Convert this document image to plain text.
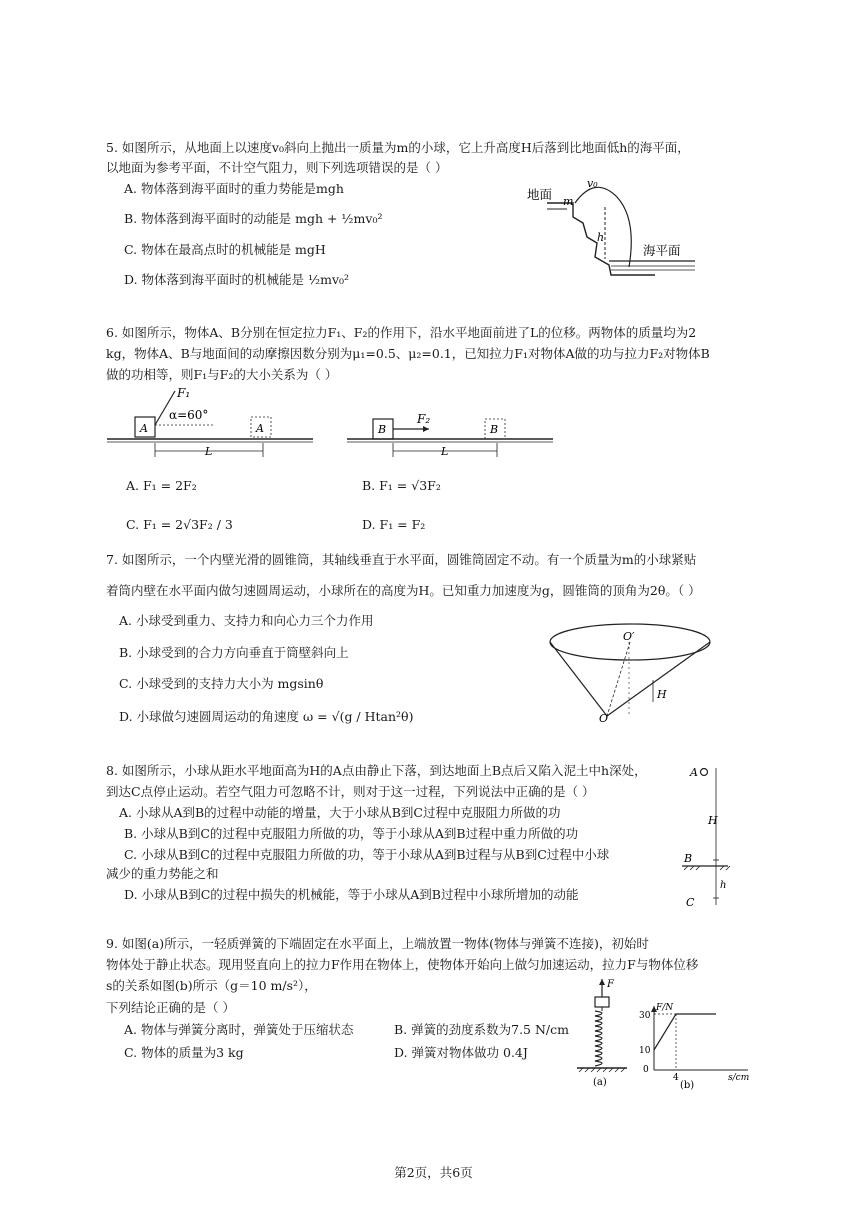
5. 如图所示，从地面上以速度v₀斜向上抛出一质量为m的小球，它上升高度H后落到比地面低h的海平面，
以地面为参考平面，不计空气阻力，则下列选项错误的是（ ）
A. 物体落到海平面时的重力势能是mgh
B. 物体落到海平面时的动能是 mgh + ½mv₀²
C. 物体在最高点时的机械能是 mgH
D. 物体落到海平面时的机械能是 ½mv₀²
地面 m
v₀
h
海平面
6. 如图所示，物体A、B分别在恒定拉力F₁、F₂的作用下，沿水平地面前进了L的位移。两物体的质量均为2
kg，物体A、B与地面间的动摩擦因数分别为μ₁=0.5、μ₂=0.1，已知拉力F₁对物体A做的功与拉力F₂对物体B
做的功相等，则F₁与F₂的大小关系为（ ）
F₁
α=60°
A	A
L
B
F₂
B
L
A. F₁ = 2F₂	B. F₁ = √3F₂
C. F₁ = 2√3F₂ / 3	D. F₁ = F₂
7. 如图所示，一个内壁光滑的圆锥筒，其轴线垂直于水平面，圆锥筒固定不动。有一个质量为m的小球紧贴
着筒内壁在水平面内做匀速圆周运动，小球所在的高度为H。已知重力加速度为g，圆锥筒的顶角为2θ。（ ）
A. 小球受到重力、支持力和向心力三个力作用
B. 小球受到的合力方向垂直于筒壁斜向上
C. 小球受到的支持力大小为 mgsinθ
D. 小球做匀速圆周运动的角速度 ω = √(g / Htan²θ)
O′
O
H
8. 如图所示，小球从距水平地面高为H的A点由静止下落，到达地面上B点后又陷入泥土中h深处，
到达C点停止运动。若空气阻力可忽略不计，则对于这一过程，下列说法中正确的是（ ）
A. 小球从A到B的过程中动能的增量，大于小球从B到C过程中克服阻力所做的功
B. 小球从B到C的过程中克服阻力所做的功，等于小球从A到B过程中重力所做的功
C. 小球从B到C的过程中克服阻力所做的功，等于小球从A到B过程与从B到C过程中小球
减少的重力势能之和
D. 小球从B到C的过程中损失的机械能，等于小球从A到B过程中小球所增加的动能
A
H
B
h
C
9. 如图(a)所示，一轻质弹簧的下端固定在水平面上，上端放置一物体(物体与弹簧不连接)，初始时
物体处于静止状态。现用竖直向上的拉力F作用在物体上，使物体开始向上做匀加速运动，拉力F与物体位移
s的关系如图(b)所示（g＝10 m/s²），
下列结论正确的是（ ）
A. 物体与弹簧分离时，弹簧处于压缩状态	B. 弹簧的劲度系数为7.5 N/cm
C. 物体的质量为3 kg	D. 弹簧对物体做功 0.4J
F
(a)
F/N
s/cm
30
10
0
4
(b)
第2页，共6页
